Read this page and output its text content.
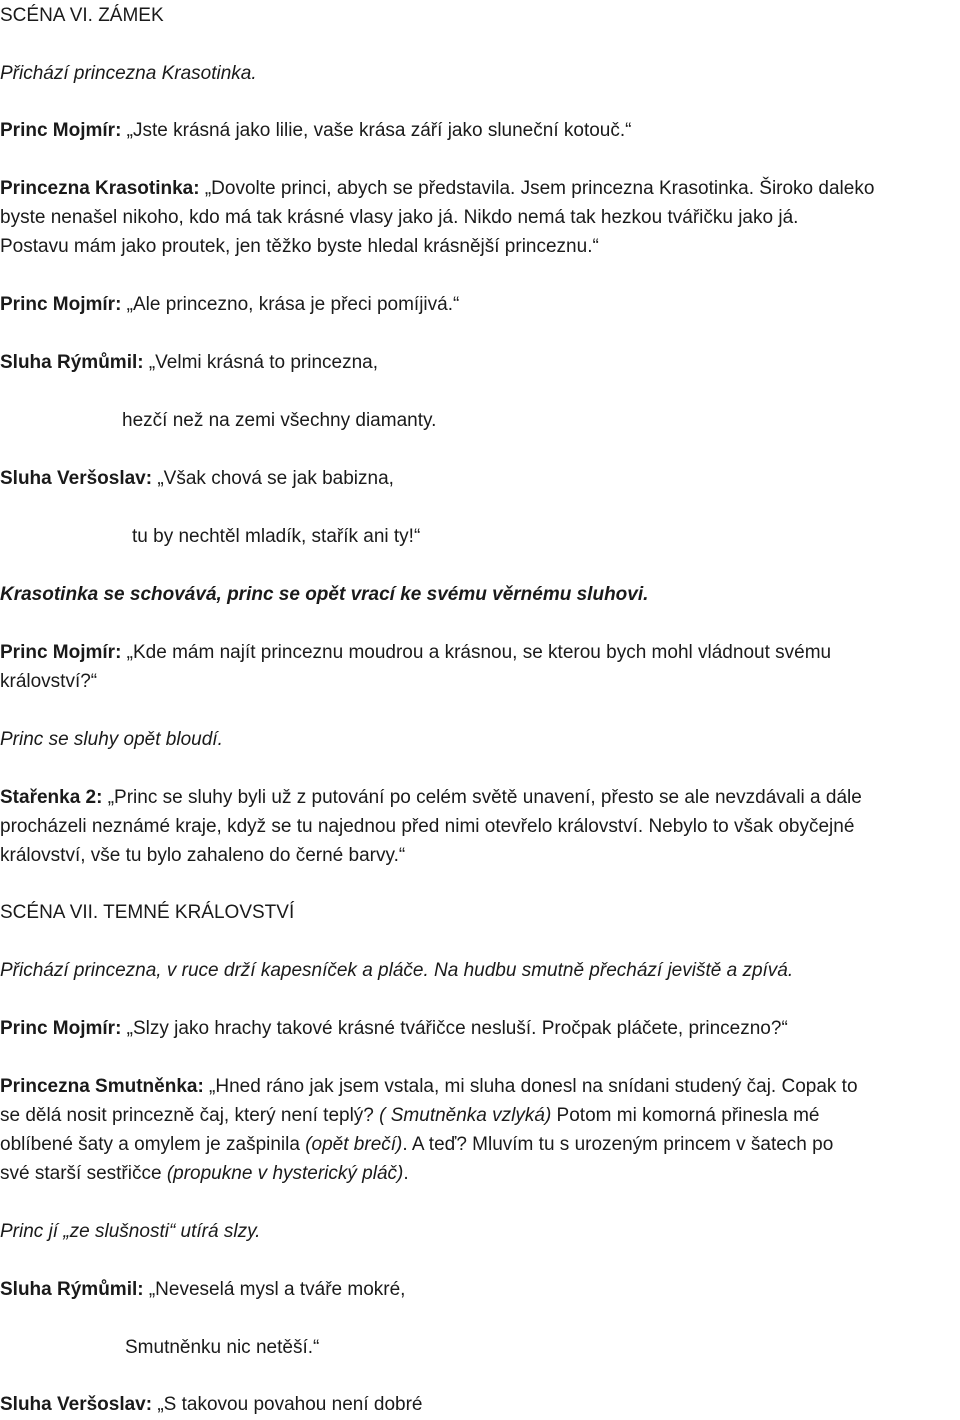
SCÉNA VI. ZÁMEK
Přichází princezna Krasotinka.
Princ Mojmír: „Jste krásná jako lilie, vaše krása září jako sluneční kotouč.“
Princezna Krasotinka: „Dovolte princi, abych se představila. Jsem princezna Krasotinka. Široko daleko
byste nenašel nikoho, kdo má tak krásné vlasy jako já. Nikdo nemá tak hezkou tvářičku jako já.
Postavu mám jako proutek, jen těžko byste hledal krásnější princeznu.“
Princ Mojmír: „Ale princezno, krása je přeci pomíjivá.“
Sluha Rýmůmil: „Velmi krásná to princezna,
hezčí než na zemi všechny diamanty.
Sluha Veršoslav: „Však chová se jak babizna,
tu by nechtěl mladík, stařík ani ty!“
Krasotinka se schovává, princ se opět vrací ke svému věrnému sluhovi.
Princ Mojmír: „Kde mám najít princeznu moudrou a krásnou, se kterou bych mohl vládnout svému
království?“
Princ se sluhy opět bloudí.
Stařenka 2: „Princ se sluhy byli už z putování po celém světě unavení, přesto se ale nevzdávali a dále
procházeli neznámé kraje, když se tu najednou před nimi otevřelo království. Nebylo to však obyčejné
království, vše tu bylo zahaleno do černé barvy.“
SCÉNA VII. TEMNÉ KRÁLOVSTVÍ
Přichází princezna, v ruce drží kapesníček a pláče. Na hudbu smutně přechází jeviště a zpívá.
Princ Mojmír: „Slzy jako hrachy takové krásné tvářičce nesluší. Pročpak pláčete, princezno?“
Princezna Smutněnka: „Hned ráno jak jsem vstala, mi sluha donesl na snídani studený čaj. Copak to
se dělá nosit princezně čaj, který není teplý? ( Smutněnka vzlyká) Potom mi komorná přinesla mé
oblíbené šaty a omylem je zašpinila (opět brečí). A teď? Mluvím tu s urozeným princem v šatech po
své starší sestřičce (propukne v hysterický pláč).
Princ jí „ze slušnosti“ utírá slzy.
Sluha Rýmůmil: „Neveselá mysl a tváře mokré,
Smutněnku nic netěší.“
Sluha Veršoslav: „S takovou povahou není dobré
